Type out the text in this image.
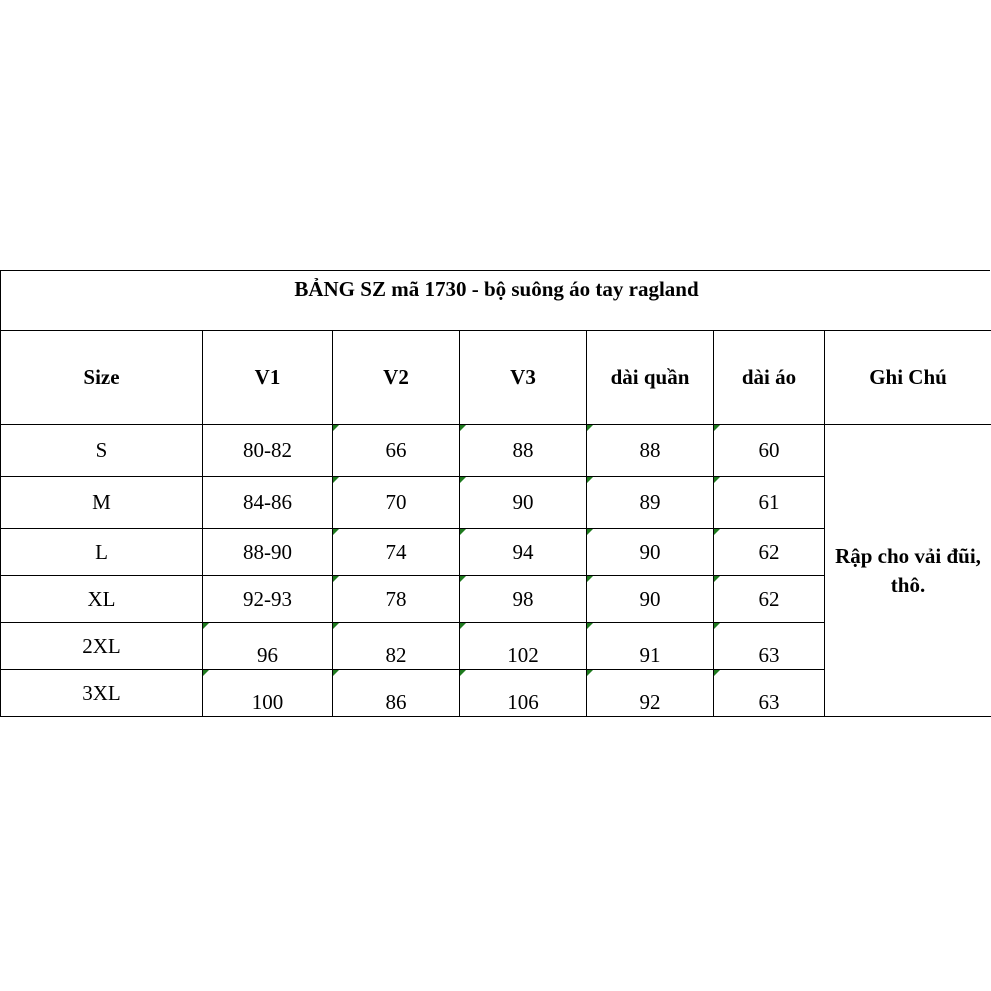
BẢNG SZ mã 1730 - bộ suông áo tay ragland
Size	V1	V2	V3	dài quần	dài áo	Ghi Chú
S	80-82	66	88	88	60	Rập cho vải đũi, thô.
M	84-86	70	90	89	61	
L	88-90	74	94	90	62	
XL	92-93	78	98	90	62	
2XL	96	82	102	91	63	
3XL	100	86	106	92	63	
